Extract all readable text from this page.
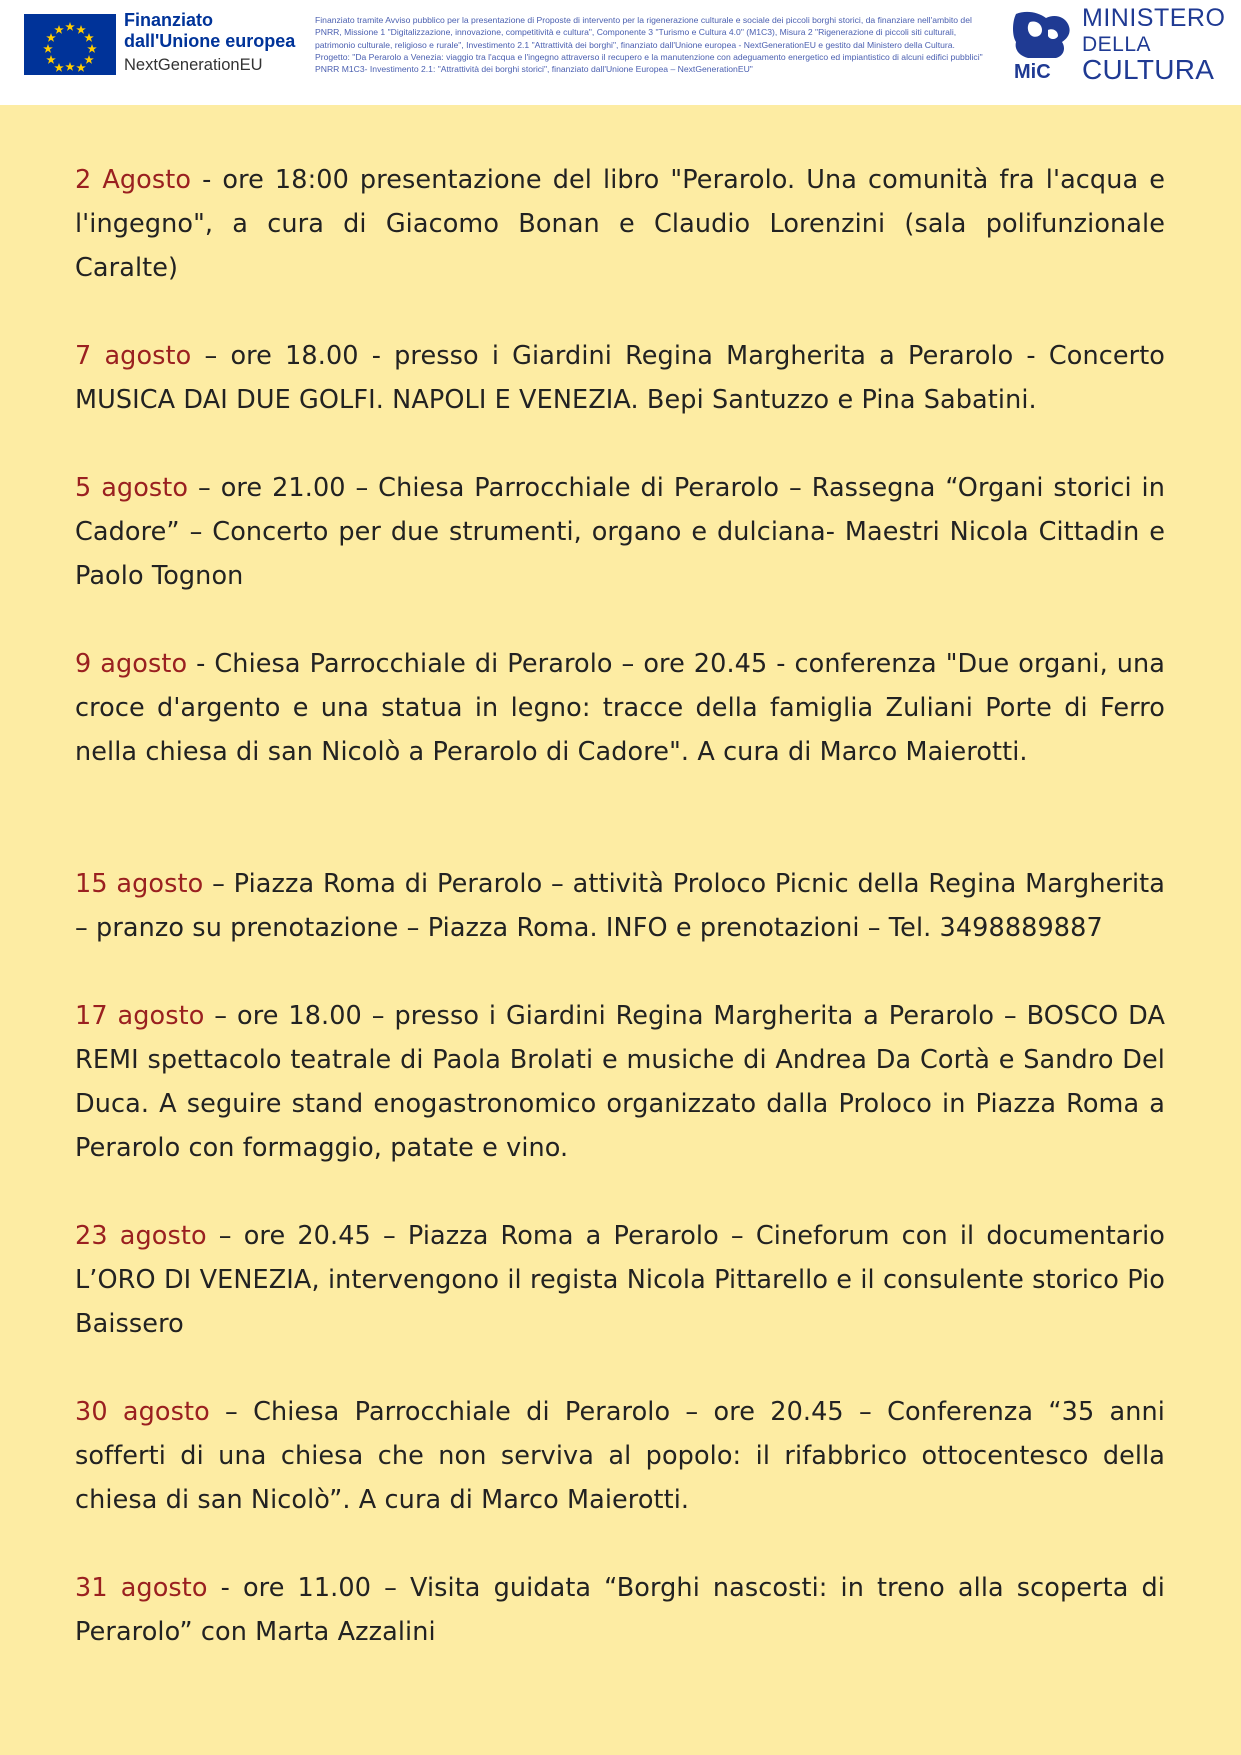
Finanziato
dall'Unione europea
NextGenerationEU

Finanziato tramite Avviso pubblico per la presentazione di Proposte di intervento per la rigenerazione culturale e sociale dei piccoli borghi storici, da finanziare nell'ambito del PNRR, Missione 1 "Digitalizzazione, innovazione, competitività e cultura", Componente 3 "Turismo e Cultura 4.0" (M1C3), Misura 2 "Rigenerazione di piccoli siti culturali, patrimonio culturale, religioso e rurale", Investimento 2.1 "Attrattività dei borghi", finanziato dall'Unione europea - NextGenerationEU e gestito dal Ministero della Cultura.

Progetto: "Da Perarolo a Venezia: viaggio tra l'acqua e l'ingegno attraverso il recupero e la manutenzione con adeguamento energetico ed impiantistico di alcuni edifici pubblici" PNRR M1C3- Investimento 2.1: "Attrattività dei borghi storici", finanziato dall'Unione Europea – NextGenerationEU"	MiC
MINISTERO
DELLA
CULTURA

2 Agosto - ore 18:00 presentazione del libro "Perarolo. Una comunità fra l'acqua e l'ingegno", a cura di Giacomo Bonan e Claudio Lorenzini (sala polifunzionale Caralte)

7 agosto – ore 18.00 - presso i Giardini Regina Margherita a Perarolo - Concerto MUSICA DAI DUE GOLFI. NAPOLI E VENEZIA. Bepi Santuzzo e Pina Sabatini.

5 agosto – ore 21.00 – Chiesa Parrocchiale di Perarolo – Rassegna “Organi storici in Cadore” – Concerto per due strumenti, organo e dulciana- Maestri Nicola Cittadin e Paolo Tognon

9 agosto - Chiesa Parrocchiale di Perarolo – ore 20.45 - conferenza "Due organi, una croce d'argento e una statua in legno: tracce della famiglia Zuliani Porte di Ferro nella chiesa di san Nicolò a Perarolo di Cadore". A cura di Marco Maierotti.

15 agosto – Piazza Roma di Perarolo – attività Proloco Picnic della Regina Margherita – pranzo su prenotazione – Piazza Roma. INFO e prenotazioni – Tel. 3498889887

17 agosto – ore 18.00 – presso i Giardini Regina Margherita a Perarolo – BOSCO DA REMI spettacolo teatrale di Paola Brolati e musiche di Andrea Da Cortà e Sandro Del Duca. A seguire stand enogastronomico organizzato dalla Proloco in Piazza Roma a Perarolo con formaggio, patate e vino.

23 agosto – ore 20.45 – Piazza Roma a Perarolo – Cineforum con il documentario L’ORO DI VENEZIA, intervengono il regista Nicola Pittarello e il consulente storico Pio Baissero

30 agosto – Chiesa Parrocchiale di Perarolo – ore 20.45 – Conferenza “35 anni sofferti di una chiesa che non serviva al popolo: il rifabbrico ottocentesco della chiesa di san Nicolò”. A cura di Marco Maierotti.

31 agosto - ore 11.00 – Visita guidata “Borghi nascosti: in treno alla scoperta di Perarolo” con Marta Azzalini
